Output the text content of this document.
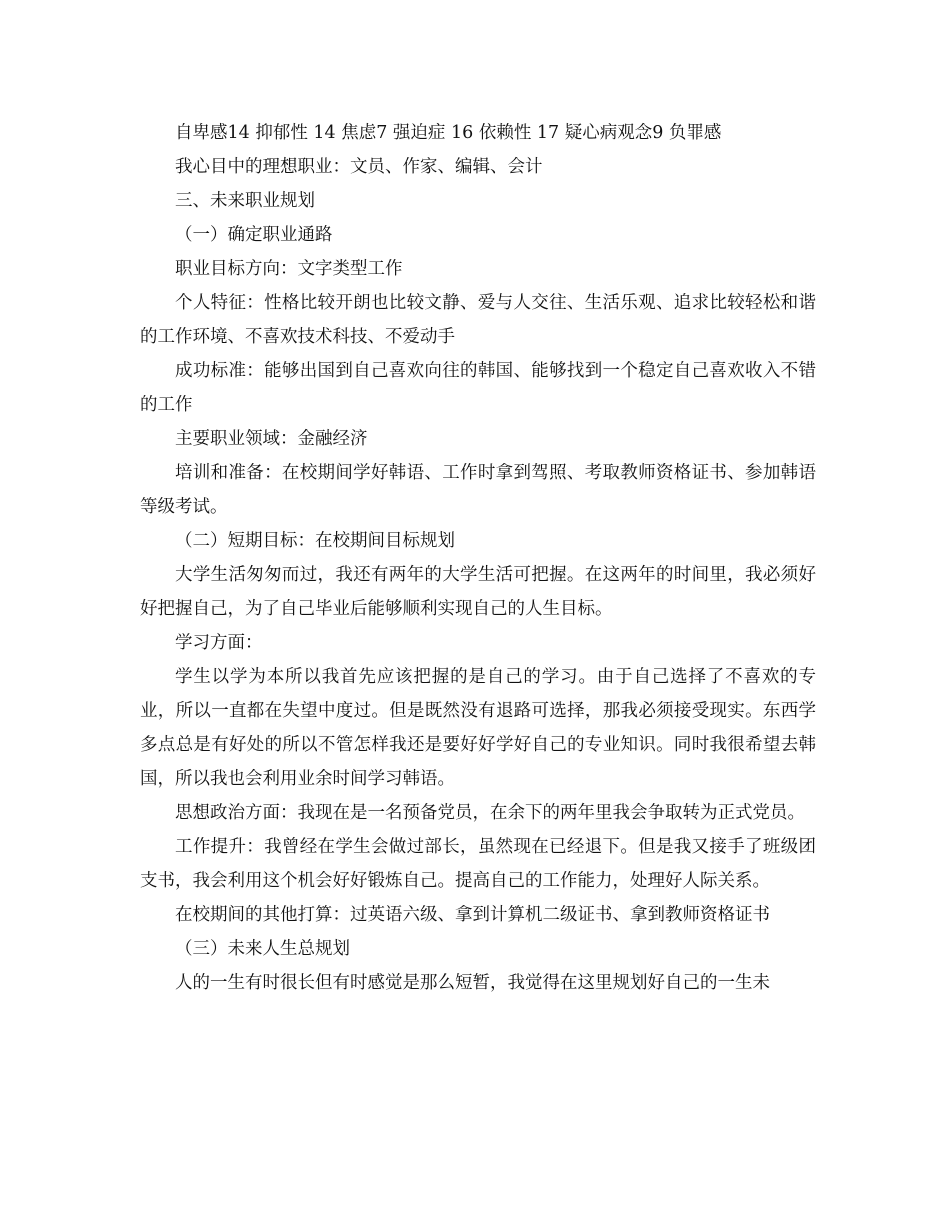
自卑感14 抑郁性 14 焦虑7 强迫症 16 依赖性 17 疑心病观念9 负罪感

我心目中的理想职业：文员、作家、编辑、会计

三、未来职业规划

（一）确定职业通路

职业目标方向：文字类型工作

个人特征：性格比较开朗也比较文静、爱与人交往、生活乐观、追求比较轻松和谐的工作环境、不喜欢技术科技、不爱动手

成功标准：能够出国到自己喜欢向往的韩国、能够找到一个稳定自己喜欢收入不错的工作

主要职业领域：金融经济

培训和准备：在校期间学好韩语、工作时拿到驾照、考取教师资格证书、参加韩语等级考试。

（二）短期目标：在校期间目标规划

大学生活匆匆而过，我还有两年的大学生活可把握。在这两年的时间里，我必须好好把握自己，为了自己毕业后能够顺利实现自己的人生目标。

学习方面：

学生以学为本所以我首先应该把握的是自己的学习。由于自己选择了不喜欢的专业，所以一直都在失望中度过。但是既然没有退路可选择，那我必须接受现实。东西学多点总是有好处的所以不管怎样我还是要好好学好自己的专业知识。同时我很希望去韩国，所以我也会利用业余时间学习韩语。

思想政治方面：我现在是一名预备党员，在余下的两年里我会争取转为正式党员。

工作提升：我曾经在学生会做过部长，虽然现在已经退下。但是我又接手了班级团支书，我会利用这个机会好好锻炼自己。提高自己的工作能力，处理好人际关系。

在校期间的其他打算：过英语六级、拿到计算机二级证书、拿到教师资格证书

（三）未来人生总规划

人的一生有时很长但有时感觉是那么短暂，我觉得在这里规划好自己的一生未
